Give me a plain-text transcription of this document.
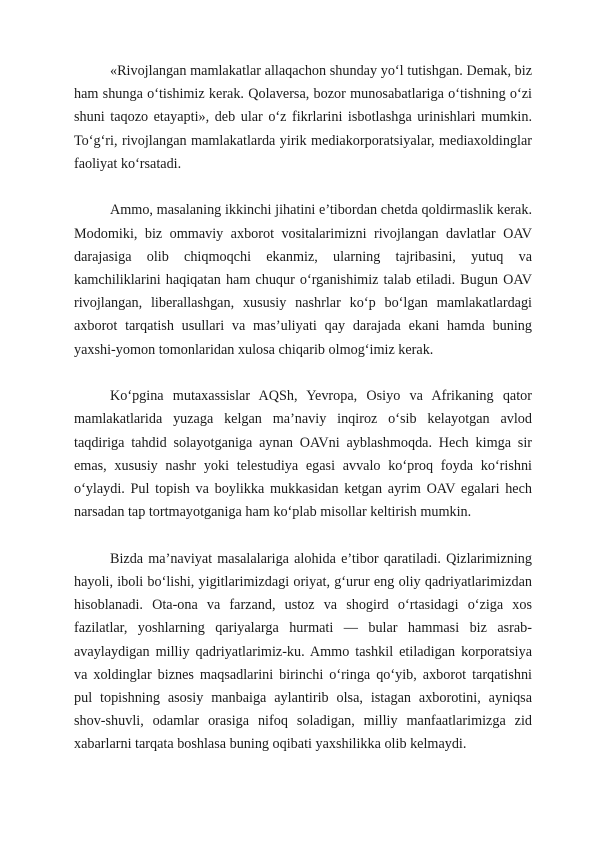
«Rivojlangan mamlakatlar allaqachon shunday yo‘l tutishgan. Demak, biz ham shunga o‘tishimiz kerak. Qolaversa, bozor munosabatlariga o‘tishning o‘zi shuni taqozo etayapti», deb ular o‘z fikrlarini isbotlashga urinishlari mumkin. To‘g‘ri, rivojlangan mamlakatlarda yirik mediakorporatsiyalar, mediaxoldinglar faoliyat ko‘rsatadi.

Ammo, masalaning ikkinchi jihatini e’tibordan chetda qoldirmaslik kerak. Modomiki, biz ommaviy axborot vositalarimizni rivojlangan davlatlar OAV darajasiga olib chiqmoqchi ekanmiz, ularning tajribasini, yutuq va kamchiliklarini haqiqatan ham chuqur o‘rganishimiz talab etiladi. Bugun OAV rivojlangan, liberallashgan, xususiy nashrlar ko‘p bo‘lgan mamlakatlardagi axborot tarqatish usullari va mas’uliyati qay darajada ekani hamda buning yaxshi-yomon tomonlaridan xulosa chiqarib olmog‘imiz kerak.

Ko‘pgina mutaxassislar AQSh, Yevropa, Osiyo va Afrikaning qator mamlakatlarida yuzaga kelgan ma’naviy inqiroz o‘sib kelayotgan avlod taqdiriga tahdid solayotganiga aynan OAVni ayblashmoqda. Hech kimga sir emas, xususiy nashr yoki telestudiya egasi avvalo ko‘proq foyda ko‘rishni o‘ylaydi. Pul topish va boylikka mukkasidan ketgan ayrim OAV egalari hech narsadan tap tortmayotganiga ham ko‘plab misollar keltirish mumkin.

Bizda ma’naviyat masalalariga alohida e’tibor qaratiladi. Qizlarimizning hayoli, iboli bo‘lishi, yigitlarimizdagi oriyat, g‘urur eng oliy qadriyatlarimizdan hisoblanadi. Ota-ona va farzand, ustoz va shogird o‘rtasidagi o‘ziga xos fazilatlar, yoshlarning qariyalarga hurmati — bular hammasi biz asrab-avaylaydigan milliy qadriyatlarimiz-ku. Ammo tashkil etiladigan korporatsiya va xoldinglar biznes maqsadlarini birinchi o‘ringa qo‘yib, axborot tarqatishni pul topishning asosiy manbaiga aylantirib olsa, istagan axborotini, ayniqsa shov-shuvli, odamlar orasiga nifoq soladigan, milliy manfaatlarimizga zid xabarlarni tarqata boshlasa buning oqibati yaxshilikka olib kelmaydi.
